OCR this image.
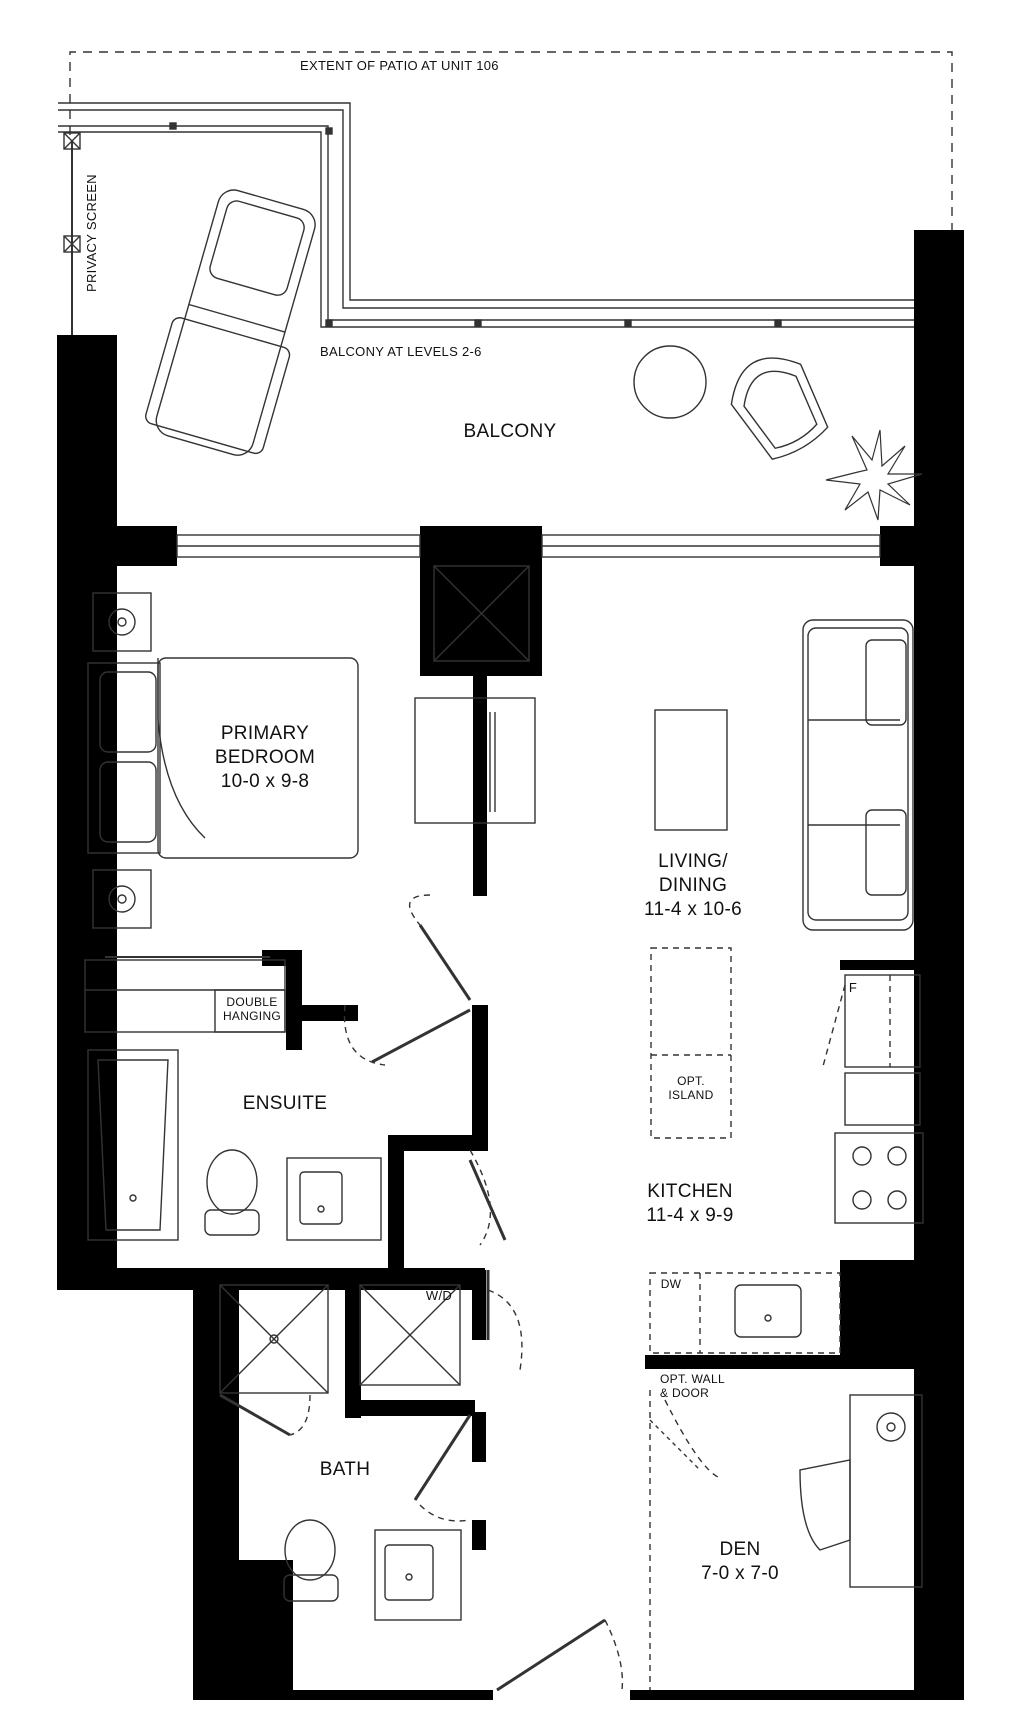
EXTENT OF PATIO AT UNIT 106
PRIVACY SCREEN
BALCONY AT LEVELS 2-6
BALCONY
PRIMARY
BEDROOM
10-0 x 9-8
LIVING/
DINING
11-4 x 10-6
DOUBLE
HANGING
ENSUITE
OPT.
ISLAND
KITCHEN
11-4 x 9-9
F
W/D
DW
OPT. WALL
& DOOR
BATH
DEN
7-0 x 7-0
